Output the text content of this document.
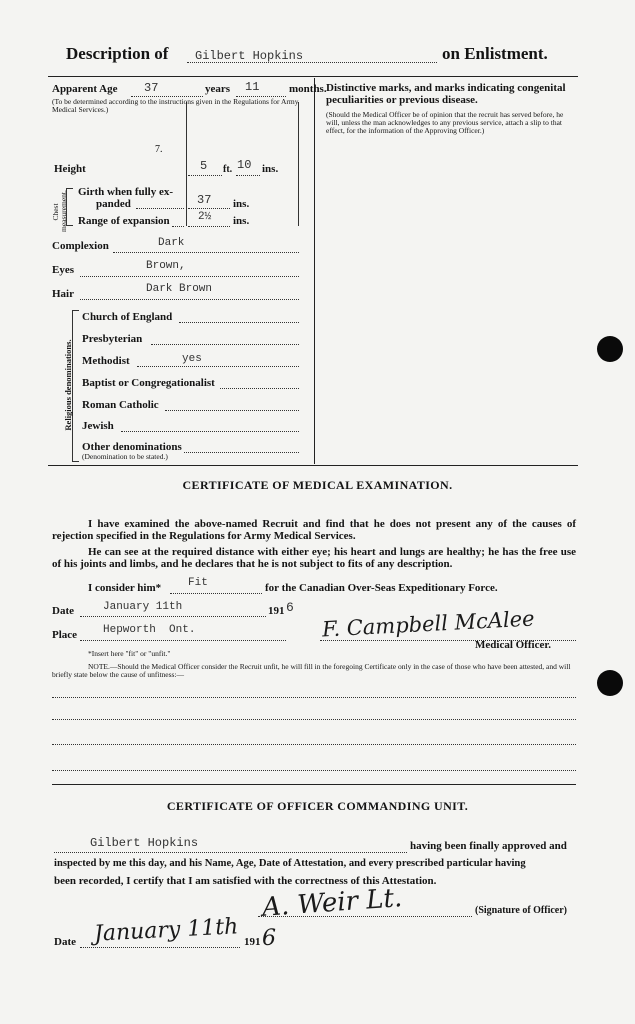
Description of Gilbert Hopkins	on Enlistment.
Apparent Age 37	years 11	months.
(To be determined according to the instructions given in the Regulations for Army Medical Services.)
7.
Height	5 ft. 10 ins.
Chest measurement. Girth when fully ex-
panded	37 ins.
Range of expansion	2½ ins.
Complexion	Dark
Eyes	Brown,
Hair	Dark Brown
Religious denominations.
Church of England
Presbyterian
Methodist	yes
Baptist or Congregationalist
Roman Catholic
Jewish
Other denominations
(Denomination to be stated.)
Distinctive marks, and marks indicating congenital peculiarities or previous disease.
(Should the Medical Officer be of opinion that the recruit has served before, he will, unless the man acknowledges to any previous service, attach a slip to that effect, for the information of the Approving Officer.)
CERTIFICATE OF MEDICAL EXAMINATION.
I have examined the above-named Recruit and find that he does not present any of the causes of rejection specified in the Regulations for Army Medical Services.
He can see at the required distance with either eye; his heart and lungs are healthy; he has the free use of his joints and limbs, and he declares that he is not subject to fits of any description.
I consider him* Fit	for the Canadian Over-Seas Expeditionary Force.
Date	January 11th	191 6
Place Hepworth  Ont.	F. Campbell McAlee
Medical Officer.
*Insert here "fit" or "unfit."
NOTE.—Should the Medical Officer consider the Recruit unfit, he will fill in the foregoing Certificate only in the case of those who have been attested, and will briefly state below the cause of unfitness:—
CERTIFICATE OF OFFICER COMMANDING UNIT.
Gilbert Hopkins	having been finally approved and
inspected by me this day, and his Name, Age, Date of Attestation, and every prescribed particular having
been recorded, I certify that I am satisfied with the correctness of this Attestation.
A. Weir Lt.	(Signature of Officer)
Date January 11th 191 6
